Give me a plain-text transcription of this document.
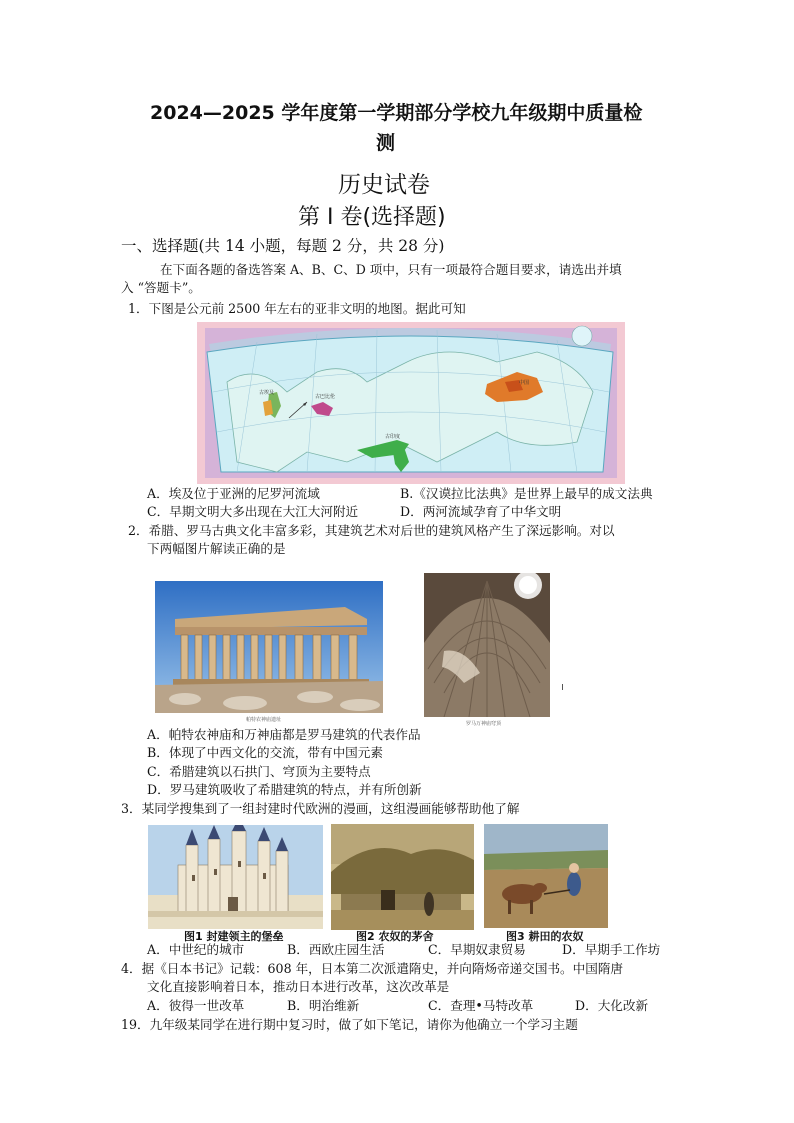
2024—2025 学年度第一学期部分学校九年级期中质量检
测
历史试卷
第 Ⅰ 卷(选择题)
一、选择题(共 14 小题，每题 2 分，共 28 分)
在下面各题的备选答案 A、B、C、D 项中，只有一项最符合题目要求，请选出并填
入 “答题卡”。
1．下图是公元前 2500 年左右的亚非文明的地图。据此可知
古埃及
古巴比伦
古印度
中国
A．埃及位于亚洲的尼罗河流域	B.《汉谟拉比法典》是世界上最早的成文法典
C．早期文明大多出现在大江大河附近	D．两河流域孕育了中华文明
2．希腊、罗马古典文化丰富多彩，其建筑艺术对后世的建筑风格产生了深远影响。对以
下两幅图片解读正确的是
帕特农神庙遗址
罗马万神庙穹顶
A．帕特农神庙和万神庙都是罗马建筑的代表作品
B．体现了中西文化的交流，带有中国元素
C．希腊建筑以石拱门、穹顶为主要特点
D．罗马建筑吸收了希腊建筑的特点，并有所创新
3．某同学搜集到了一组封建时代欧洲的漫画，这组漫画能够帮助他了解
图1 封建领主的堡垒	图2 农奴的茅舍	图3 耕田的农奴
A．中世纪的城市	B．西欧庄园生活	C．早期奴隶贸易	D．早期手工作坊
4．据《日本书记》记载：608 年，日本第二次派遣隋史，并向隋炀帝递交国书。中国隋唐
文化直接影响着日本，推动日本进行改革，这次改革是
A．彼得一世改革	B．明治维新	C．查理•马特改革	D．大化改新
19．九年级某同学在进行期中复习时，做了如下笔记，请你为他确立一个学习主题
